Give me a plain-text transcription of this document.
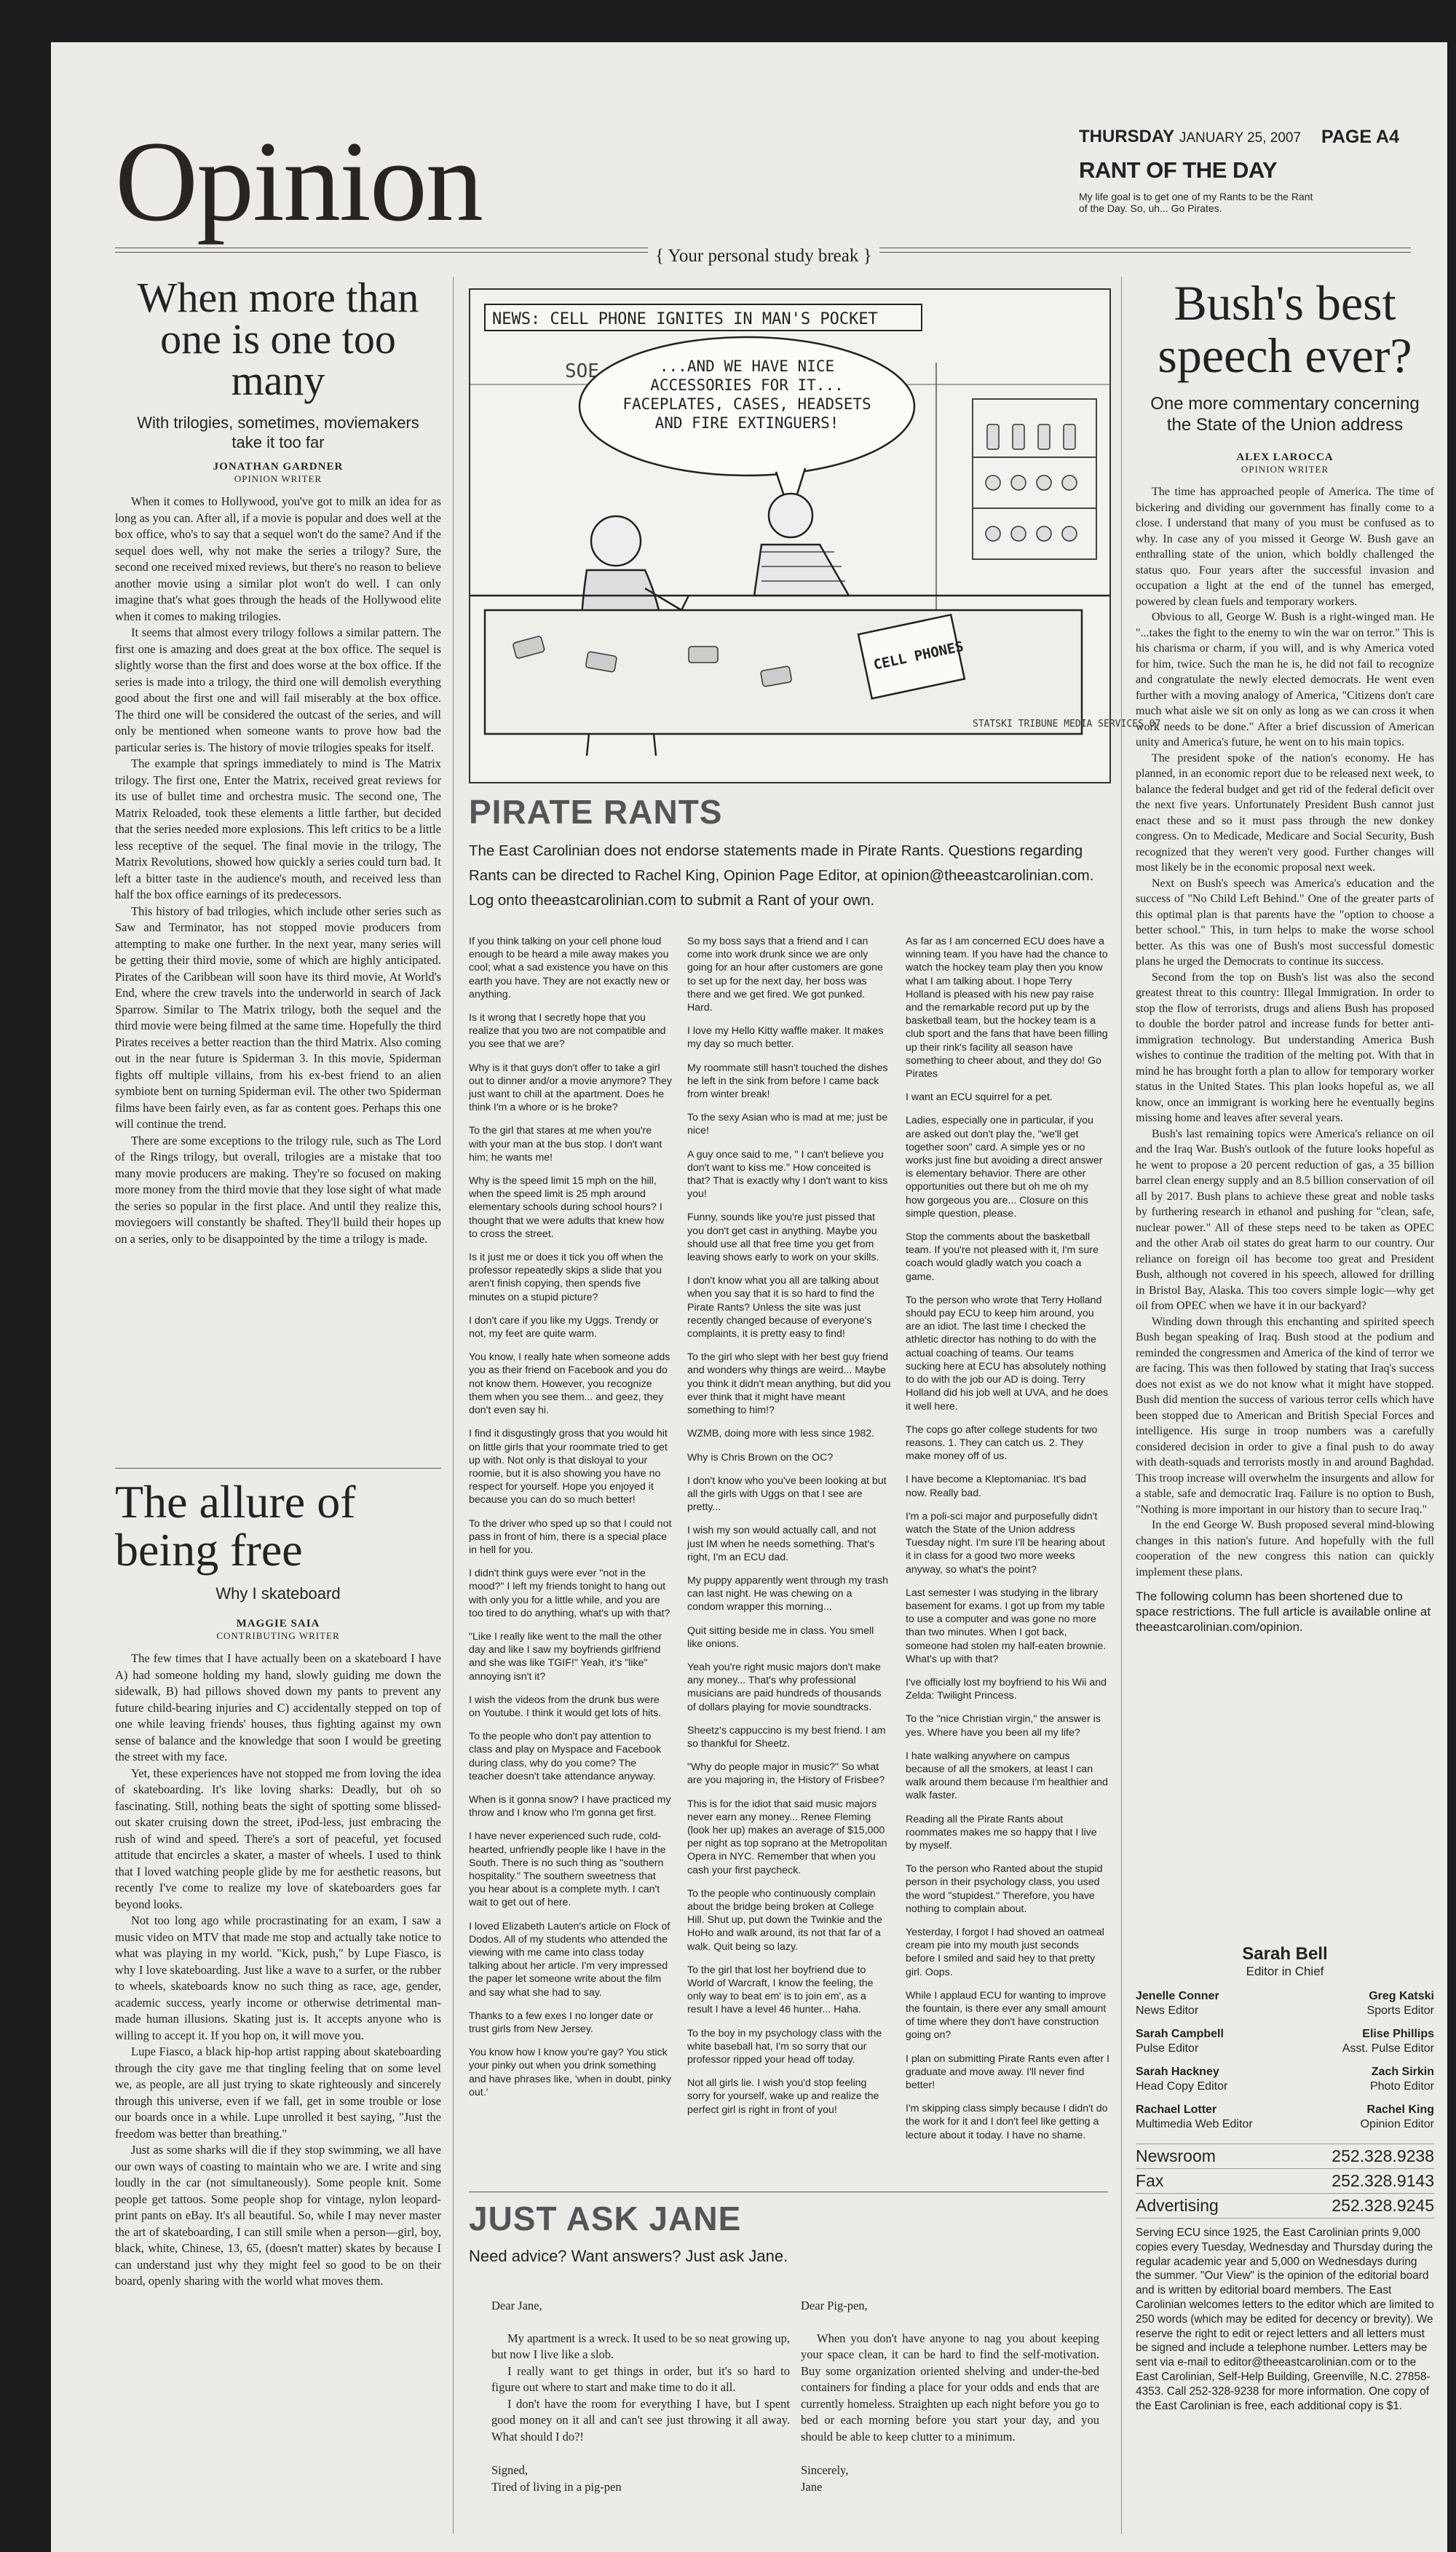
Opinion	THURSDAY JANUARY 25, 2007 PAGE A4
RANT OF THE DAY
My life goal is to get one of my Rants to be the Rant of the Day. So, uh... Go Pirates.
{ Your personal study break }
When more than one is one too many
With trilogies, sometimes, moviemakers take it too far
JONATHAN GARDNER
OPINION WRITER

When it comes to Hollywood, you've got to milk an idea for as long as you can. After all, if a movie is popular and does well at the box office, who's to say that a sequel won't do the same? And if the sequel does well, why not make the series a trilogy? Sure, the second one received mixed reviews, but there's no reason to believe another movie using a similar plot won't do well. I can only imagine that's what goes through the heads of the Hollywood elite when it comes to making trilogies.

It seems that almost every trilogy follows a similar pattern. The first one is amazing and does great at the box office. The sequel is slightly worse than the first and does worse at the box office. If the series is made into a trilogy, the third one will demolish everything good about the first one and will fail miserably at the box office. The third one will be considered the outcast of the series, and will only be mentioned when someone wants to prove how bad the particular series is. The history of movie trilogies speaks for itself.

The example that springs immediately to mind is The Matrix trilogy. The first one, Enter the Matrix, received great reviews for its use of bullet time and orchestra music. The second one, The Matrix Reloaded, took these elements a little farther, but decided that the series needed more explosions. This left critics to be a little less receptive of the sequel. The final movie in the trilogy, The Matrix Revolutions, showed how quickly a series could turn bad. It left a bitter taste in the audience's mouth, and received less than half the box office earnings of its predecessors.

This history of bad trilogies, which include other series such as Saw and Terminator, has not stopped movie producers from attempting to make one further. In the next year, many series will be getting their third movie, some of which are highly anticipated. Pirates of the Caribbean will soon have its third movie, At World's End, where the crew travels into the underworld in search of Jack Sparrow. Similar to The Matrix trilogy, both the sequel and the third movie were being filmed at the same time. Hopefully the third Pirates receives a better reaction than the third Matrix. Also coming out in the near future is Spiderman 3. In this movie, Spiderman fights off multiple villains, from his ex-best friend to an alien symbiote bent on turning Spiderman evil. The other two Spiderman films have been fairly even, as far as content goes. Perhaps this one will continue the trend.

There are some exceptions to the trilogy rule, such as The Lord of the Rings trilogy, but overall, trilogies are a mistake that too many movie producers are making. They're so focused on making more money from the third movie that they lose sight of what made the series so popular in the first place. And until they realize this, moviegoers will constantly be shafted. They'll build their hopes up on a series, only to be disappointed by the time a trilogy is made.

The allure of being free
Why I skateboard
MAGGIE SAIA
CONTRIBUTING WRITER

The few times that I have actually been on a skateboard I have A) had someone holding my hand, slowly guiding me down the sidewalk, B) had pillows shoved down my pants to prevent any future child-bearing injuries and C) accidentally stepped on top of one while leaving friends' houses, thus fighting against my own sense of balance and the knowledge that soon I would be greeting the street with my face.

Yet, these experiences have not stopped me from loving the idea of skateboarding. It's like loving sharks: Deadly, but oh so fascinating. Still, nothing beats the sight of spotting some blissed-out skater cruising down the street, iPod-less, just embracing the rush of wind and speed. There's a sort of peaceful, yet focused attitude that encircles a skater, a master of wheels. I used to think that I loved watching people glide by me for aesthetic reasons, but recently I've come to realize my love of skateboarders goes far beyond looks.

Not too long ago while procrastinating for an exam, I saw a music video on MTV that made me stop and actually take notice to what was playing in my world. "Kick, push," by Lupe Fiasco, is why I love skateboarding. Just like a wave to a surfer, or the rubber to wheels, skateboards know no such thing as race, age, gender, academic success, yearly income or otherwise detrimental man-made human illusions. Skating just is. It accepts anyone who is willing to accept it. If you hop on, it will move you.

Lupe Fiasco, a black hip-hop artist rapping about skateboarding through the city gave me that tingling feeling that on some level we, as people, are all just trying to skate righteously and sincerely through this universe, even if we fall, get in some trouble or lose our boards once in a while. Lupe unrolled it best saying, "Just the freedom was better than breathing."

Just as some sharks will die if they stop swimming, we all have our own ways of coasting to maintain who we are. I write and sing loudly in the car (not simultaneously). Some people knit. Some people get tattoos. Some people shop for vintage, nylon leopard-print pants on eBay. It's all beautiful. So, while I may never master the art of skateboarding, I can still smile when a person—girl, boy, black, white, Chinese, 13, 65, (doesn't matter) skates by because I can understand just why they might feel so good to be on their board, openly sharing with the world what moves them.

NEWS: CELL PHONE IGNITES IN MAN'S POCKET
SOE	...AND WE HAVE NICE ACCESSORIES FOR IT... FACEPLATES, CASES, HEADSETS AND FIRE EXTINGUERS!
CELL PHONES
STATSKI TRIBUNE MEDIA SERVICES 07
PIRATE RANTS
The East Carolinian does not endorse statements made in Pirate Rants. Questions regarding Rants can be directed to Rachel King, Opinion Page Editor, at opinion@theeastcarolinian.com. Log onto theeastcarolinian.com to submit a Rant of your own.

If you think talking on your cell phone loud enough to be heard a mile away makes you cool; what a sad existence you have on this earth you have. They are not exactly new or anything.

Is it wrong that I secretly hope that you realize that you two are not compatible and you see that we are?

Why is it that guys don't offer to take a girl out to dinner and/or a movie anymore? They just want to chill at the apartment. Does he think I'm a whore or is he broke?

To the girl that stares at me when you're with your man at the bus stop. I don't want him; he wants me!

Why is the speed limit 15 mph on the hill, when the speed limit is 25 mph around elementary schools during school hours? I thought that we were adults that knew how to cross the street.

Is it just me or does it tick you off when the professor repeatedly skips a slide that you aren't finish copying, then spends five minutes on a stupid picture?

I don't care if you like my Uggs. Trendy or not, my feet are quite warm.

You know, I really hate when someone adds you as their friend on Facebook and you do not know them. However, you recognize them when you see them... and geez, they don't even say hi.

I find it disgustingly gross that you would hit on little girls that your roommate tried to get up with. Not only is that disloyal to your roomie, but it is also showing you have no respect for yourself. Hope you enjoyed it because you can do so much better!

To the driver who sped up so that I could not pass in front of him, there is a special place in hell for you.

I didn't think guys were ever "not in the mood?" I left my friends tonight to hang out with only you for a little while, and you are too tired to do anything, what's up with that?

"Like I really like went to the mall the other day and like I saw my boyfriends girlfriend and she was like TGIF!" Yeah, it's "like" annoying isn't it?

I wish the videos from the drunk bus were on Youtube. I think it would get lots of hits.

To the people who don't pay attention to class and play on Myspace and Facebook during class, why do you come? The teacher doesn't take attendance anyway.

When is it gonna snow? I have practiced my throw and I know who I'm gonna get first.

I have never experienced such rude, cold-hearted, unfriendly people like I have in the South. There is no such thing as "southern hospitality." The southern sweetness that you hear about is a complete myth. I can't wait to get out of here.

I loved Elizabeth Lauten's article on Flock of Dodos. All of my students who attended the viewing with me came into class today talking about her article. I'm very impressed the paper let someone write about the film and say what she had to say.

Thanks to a few exes I no longer date or trust girls from New Jersey.

You know how I know you're gay? You stick your pinky out when you drink something and have phrases like, 'when in doubt, pinky out.'

So my boss says that a friend and I can come into work drunk since we are only going for an hour after customers are gone to set up for the next day, her boss was there and we get fired. We got punked. Hard.

I love my Hello Kitty waffle maker. It makes my day so much better.

My roommate still hasn't touched the dishes he left in the sink from before I came back from winter break!

To the sexy Asian who is mad at me; just be nice!

A guy once said to me, " I can't believe you don't want to kiss me." How conceited is that? That is exactly why I don't want to kiss you!

Funny, sounds like you're just pissed that you don't get cast in anything. Maybe you should use all that free time you get from leaving shows early to work on your skills.

I don't know what you all are talking about when you say that it is so hard to find the Pirate Rants? Unless the site was just recently changed because of everyone's complaints, it is pretty easy to find!

To the girl who slept with her best guy friend and wonders why things are weird... Maybe you think it didn't mean anything, but did you ever think that it might have meant something to him!?

WZMB, doing more with less since 1982.

Why is Chris Brown on the OC?

I don't know who you've been looking at but all the girls with Uggs on that I see are pretty...

I wish my son would actually call, and not just IM when he needs something. That's right, I'm an ECU dad.

My puppy apparently went through my trash can last night. He was chewing on a condom wrapper this morning...

Quit sitting beside me in class. You smell like onions.

Yeah you're right music majors don't make any money... That's why professional musicians are paid hundreds of thousands of dollars playing for movie soundtracks.

Sheetz's cappuccino is my best friend. I am so thankful for Sheetz.

"Why do people major in music?" So what are you majoring in, the History of Frisbee?

This is for the idiot that said music majors never earn any money... Renee Fleming (look her up) makes an average of $15,000 per night as top soprano at the Metropolitan Opera in NYC. Remember that when you cash your first paycheck.

To the people who continuously complain about the bridge being broken at College Hill. Shut up, put down the Twinkie and the HoHo and walk around, its not that far of a walk. Quit being so lazy.

To the girl that lost her boyfriend due to World of Warcraft, I know the feeling, the only way to beat em' is to join em', as a result I have a level 46 hunter... Haha.

To the boy in my psychology class with the white baseball hat, I'm so sorry that our professor ripped your head off today.

Not all girls lie. I wish you'd stop feeling sorry for yourself, wake up and realize the perfect girl is right in front of you!

As far as I am concerned ECU does have a winning team. If you have had the chance to watch the hockey team play then you know what I am talking about. I hope Terry Holland is pleased with his new pay raise and the remarkable record put up by the basketball team, but the hockey team is a club sport and the fans that have been filling up their rink's facility all season have something to cheer about, and they do! Go Pirates

I want an ECU squirrel for a pet.

Ladies, especially one in particular, if you are asked out don't play the, "we'll get together soon" card. A simple yes or no works just fine but avoiding a direct answer is elementary behavior. There are other opportunities out there but oh me oh my how gorgeous you are... Closure on this simple question, please.

Stop the comments about the basketball team. If you're not pleased with it, I'm sure coach would gladly watch you coach a game.

To the person who wrote that Terry Holland should pay ECU to keep him around, you are an idiot. The last time I checked the athletic director has nothing to do with the actual coaching of teams. Our teams sucking here at ECU has absolutely nothing to do with the job our AD is doing. Terry Holland did his job well at UVA, and he does it well here.

The cops go after college students for two reasons. 1. They can catch us. 2. They make money off of us.

I have become a Kleptomaniac. It's bad now. Really bad.

I'm a poli-sci major and purposefully didn't watch the State of the Union address Tuesday night. I'm sure I'll be hearing about it in class for a good two more weeks anyway, so what's the point?

Last semester I was studying in the library basement for exams. I got up from my table to use a computer and was gone no more than two minutes. When I got back, someone had stolen my half-eaten brownie. What's up with that?

I've officially lost my boyfriend to his Wii and Zelda: Twilight Princess.

To the "nice Christian virgin," the answer is yes. Where have you been all my life?

I hate walking anywhere on campus because of all the smokers, at least I can walk around them because I'm healthier and walk faster.

Reading all the Pirate Rants about roommates makes me so happy that I live by myself.

To the person who Ranted about the stupid person in their psychology class, you used the word "stupidest." Therefore, you have nothing to complain about.

Yesterday, I forgot I had shoved an oatmeal cream pie into my mouth just seconds before I smiled and said hey to that pretty girl. Oops.

While I applaud ECU for wanting to improve the fountain, is there ever any small amount of time where they don't have construction going on?

I plan on submitting Pirate Rants even after I graduate and move away. I'll never find better!

I'm skipping class simply because I didn't do the work for it and I don't feel like getting a lecture about it today. I have no shame.

JUST ASK JANE
Need advice? Want answers? Just ask Jane.
Dear Jane,

My apartment is a wreck. It used to be so neat growing up, but now I live like a slob.

I really want to get things in order, but it's so hard to figure out where to start and make time to do it all.

I don't have the room for everything I have, but I spent good money on it all and can't see just throwing it all away. What should I do?!

Signed,
Tired of living in a pig-pen
Dear Pig-pen,

When you don't have anyone to nag you about keeping your space clean, it can be hard to find the self-motivation. Buy some organization oriented shelving and under-the-bed containers for finding a place for your odds and ends that are currently homeless. Straighten up each night before you go to bed or each morning before you start your day, and you should be able to keep clutter to a minimum.

Sincerely,
Jane
Bush's best speech ever?
One more commentary concerning the State of the Union address
ALEX LAROCCA
OPINION WRITER

The time has approached people of America. The time of bickering and dividing our government has finally come to a close. I understand that many of you must be confused as to why. In case any of you missed it George W. Bush gave an enthralling state of the union, which boldly challenged the status quo. Four years after the successful invasion and occupation a light at the end of the tunnel has emerged, powered by clean fuels and temporary workers.

Obvious to all, George W. Bush is a right-winged man. He "...takes the fight to the enemy to win the war on terror." This is his charisma or charm, if you will, and is why America voted for him, twice. Such the man he is, he did not fail to recognize and congratulate the newly elected democrats. He went even further with a moving analogy of America, "Citizens don't care much what aisle we sit on only as long as we can cross it when work needs to be done." After a brief discussion of American unity and America's future, he went on to his main topics.

The president spoke of the nation's economy. He has planned, in an economic report due to be released next week, to balance the federal budget and get rid of the federal deficit over the next five years. Unfortunately President Bush cannot just enact these and so it must pass through the new donkey congress. On to Medicade, Medicare and Social Security, Bush recognized that they weren't very good. Further changes will most likely be in the economic proposal next week.

Next on Bush's speech was America's education and the success of "No Child Left Behind." One of the greater parts of this optimal plan is that parents have the "option to choose a better school." This, in turn helps to make the worse school better. As this was one of Bush's most successful domestic plans he urged the Democrats to continue its success.

Second from the top on Bush's list was also the second greatest threat to this country: Illegal Immigration. In order to stop the flow of terrorists, drugs and aliens Bush has proposed to double the border patrol and increase funds for better anti-immigration technology. But understanding America Bush wishes to continue the tradition of the melting pot. With that in mind he has brought forth a plan to allow for temporary worker status in the United States. This plan looks hopeful as, we all know, once an immigrant is working here he eventually begins missing home and leaves after several years.

Bush's last remaining topics were America's reliance on oil and the Iraq War. Bush's outlook of the future looks hopeful as he went to propose a 20 percent reduction of gas, a 35 billion barrel clean energy supply and an 8.5 billion conservation of oil all by 2017. Bush plans to achieve these great and noble tasks by furthering research in ethanol and pushing for "clean, safe, nuclear power." All of these steps need to be taken as OPEC and the other Arab oil states do great harm to our country. Our reliance on foreign oil has become too great and President Bush, although not covered in his speech, allowed for drilling in Bristol Bay, Alaska. This too covers simple logic—why get oil from OPEC when we have it in our backyard?

Winding down through this enchanting and spirited speech Bush began speaking of Iraq. Bush stood at the podium and reminded the congressmen and America of the kind of terror we are facing. This was then followed by stating that Iraq's success does not exist as we do not know what it might have stopped. Bush did mention the success of various terror cells which have been stopped due to American and British Special Forces and intelligence. His surge in troop numbers was a carefully considered decision in order to give a final push to do away with death-squads and terrorists mostly in and around Baghdad. This troop increase will overwhelm the insurgents and allow for a stable, safe and democratic Iraq. Failure is no option to Bush, "Nothing is more important in our history than to secure Iraq."

In the end George W. Bush proposed several mind-blowing changes in this nation's future. And hopefully with the full cooperation of the new congress this nation can quickly implement these plans.

The following column has been shortened due to space restrictions. The full article is available online at theeastcarolinian.com/opinion.
Sarah Bell
Editor in Chief
Jenelle Conner	Greg Katski
News Editor	Sports Editor
Sarah Campbell	Elise Phillips
Pulse Editor	Asst. Pulse Editor
Sarah Hackney	Zach Sirkin
Head Copy Editor	Photo Editor
Rachael Lotter	Rachel King
Multimedia Web Editor	Opinion Editor
Newsroom	252.328.9238
Fax	252.328.9143
Advertising	252.328.9245
Serving ECU since 1925, the East Carolinian prints 9,000 copies every Tuesday, Wednesday and Thursday during the regular academic year and 5,000 on Wednesdays during the summer. "Our View" is the opinion of the editorial board and is written by editorial board members. The East Carolinian welcomes letters to the editor which are limited to 250 words (which may be edited for decency or brevity). We reserve the right to edit or reject letters and all letters must be signed and include a telephone number. Letters may be sent via e-mail to editor@theeastcarolinian.com or to the East Carolinian, Self-Help Building, Greenville, N.C. 27858-4353. Call 252-328-9238 for more information. One copy of the East Carolinian is free, each additional copy is $1.
